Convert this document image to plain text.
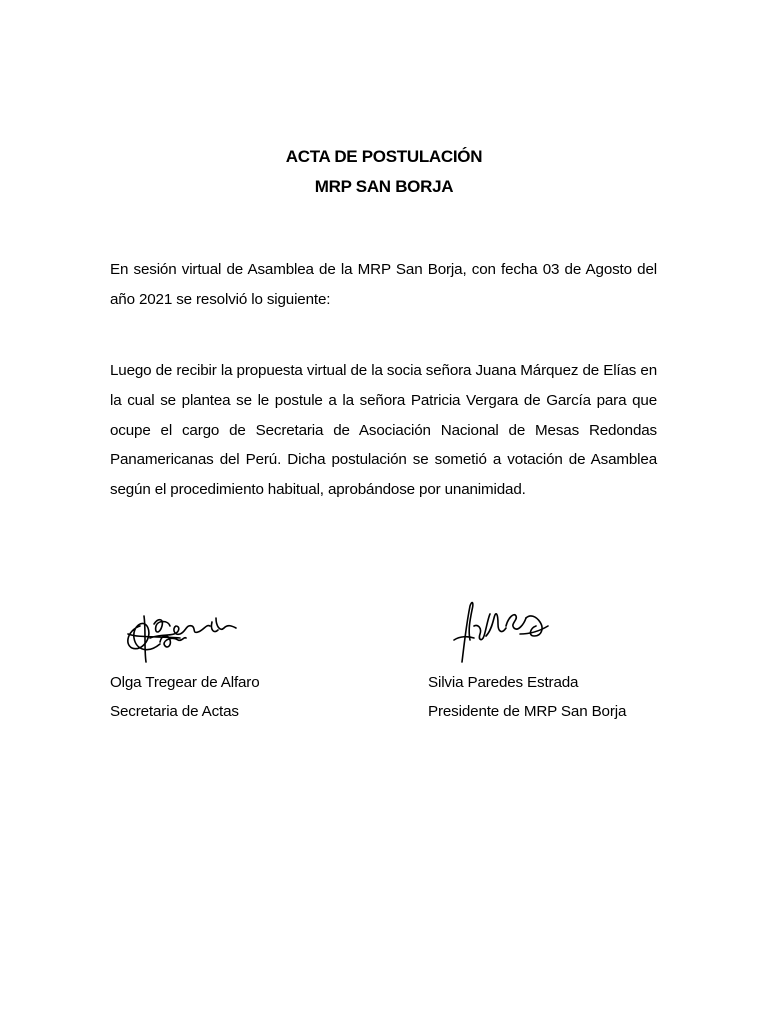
ACTA DE POSTULACIÓN
MRP SAN BORJA

En sesión virtual de Asamblea de la MRP San Borja, con fecha 03 de Agosto del año 2021 se resolvió lo siguiente:

Luego de recibir la propuesta virtual de la socia señora Juana Márquez de Elías en la cual se plantea se le postule a la señora Patricia Vergara de García para que ocupe el cargo de Secretaria de Asociación Nacional de Mesas Redondas Panamericanas del Perú. Dicha postulación se sometió a votación de Asamblea según el procedimiento habitual, aprobándose por unanimidad.

Olga Tregear de Alfaro
Secretaria de Actas
Silvia Paredes Estrada
Presidente de MRP San Borja
